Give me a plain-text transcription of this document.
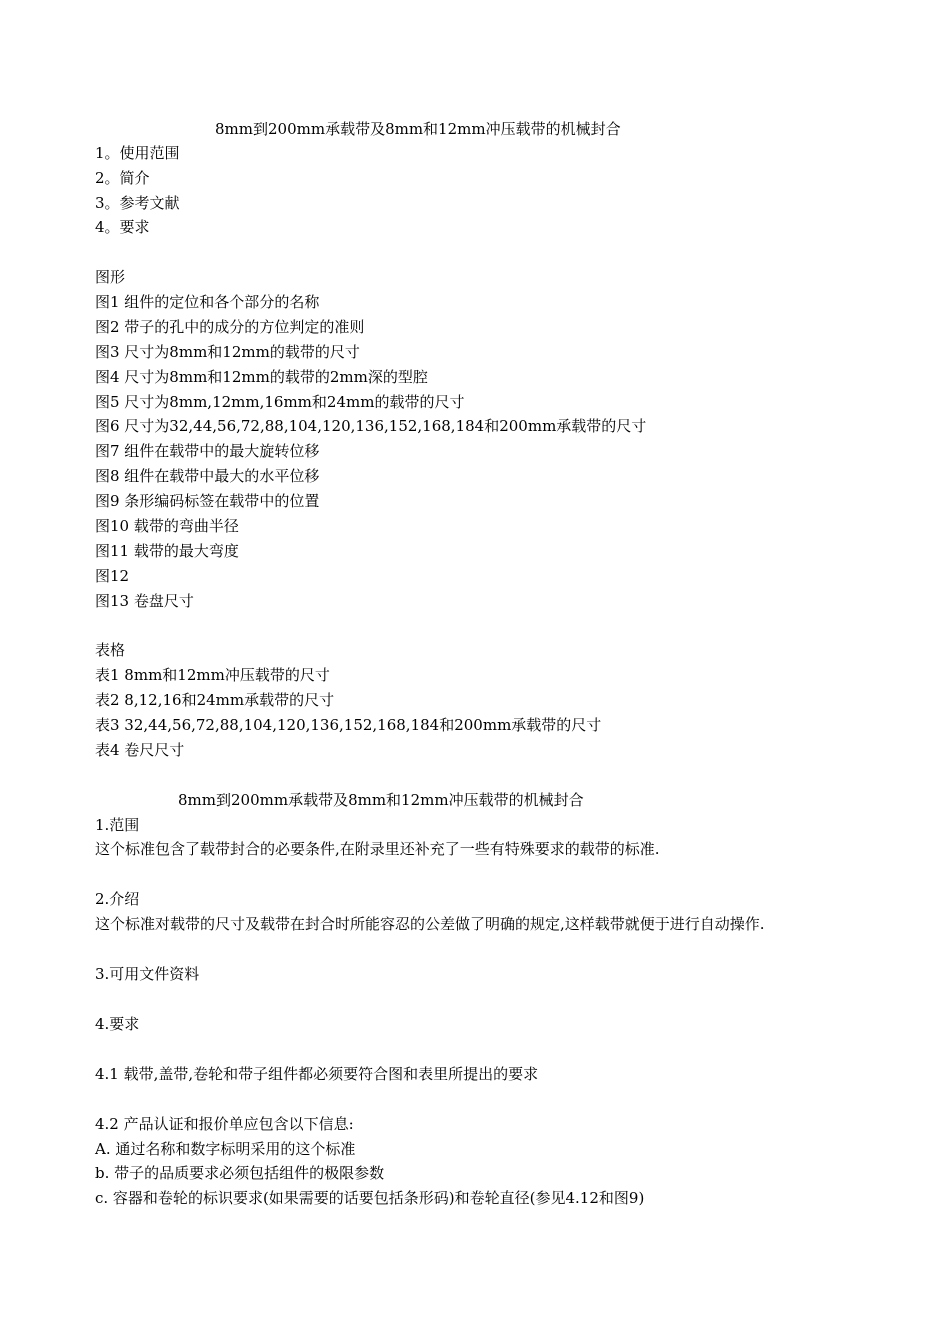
8mm到200mm承载带及8mm和12mm冲压载带的机械封合
1。使用范围
2。简介
3。参考文献
4。要求
图形
图1 组件的定位和各个部分的名称
图2 带子的孔中的成分的方位判定的准则
图3 尺寸为8mm和12mm的载带的尺寸
图4 尺寸为8mm和12mm的载带的2mm深的型腔
图5 尺寸为8mm,12mm,16mm和24mm的载带的尺寸
图6 尺寸为32,44,56,72,88,104,120,136,152,168,184和200mm承载带的尺寸
图7 组件在载带中的最大旋转位移
图8 组件在载带中最大的水平位移
图9 条形编码标签在载带中的位置
图10 载带的弯曲半径
图11 载带的最大弯度
图12
图13 卷盘尺寸
表格
表1 8mm和12mm冲压载带的尺寸
表2 8,12,16和24mm承载带的尺寸
表3 32,44,56,72,88,104,120,136,152,168,184和200mm承载带的尺寸
表4 卷尺尺寸
8mm到200mm承载带及8mm和12mm冲压载带的机械封合
1.范围
这个标准包含了载带封合的必要条件,在附录里还补充了一些有特殊要求的载带的标准.
2.介绍
这个标准对载带的尺寸及载带在封合时所能容忍的公差做了明确的规定,这样载带就便于进行自动操作.
3.可用文件资料
4.要求
4.1 载带,盖带,卷轮和带子组件都必须要符合图和表里所提出的要求
4.2 产品认证和报价单应包含以下信息:
A. 通过名称和数字标明采用的这个标准
b. 带子的品质要求必须包括组件的极限参数
c. 容器和卷轮的标识要求(如果需要的话要包括条形码)和卷轮直径(参见4.12和图9)
